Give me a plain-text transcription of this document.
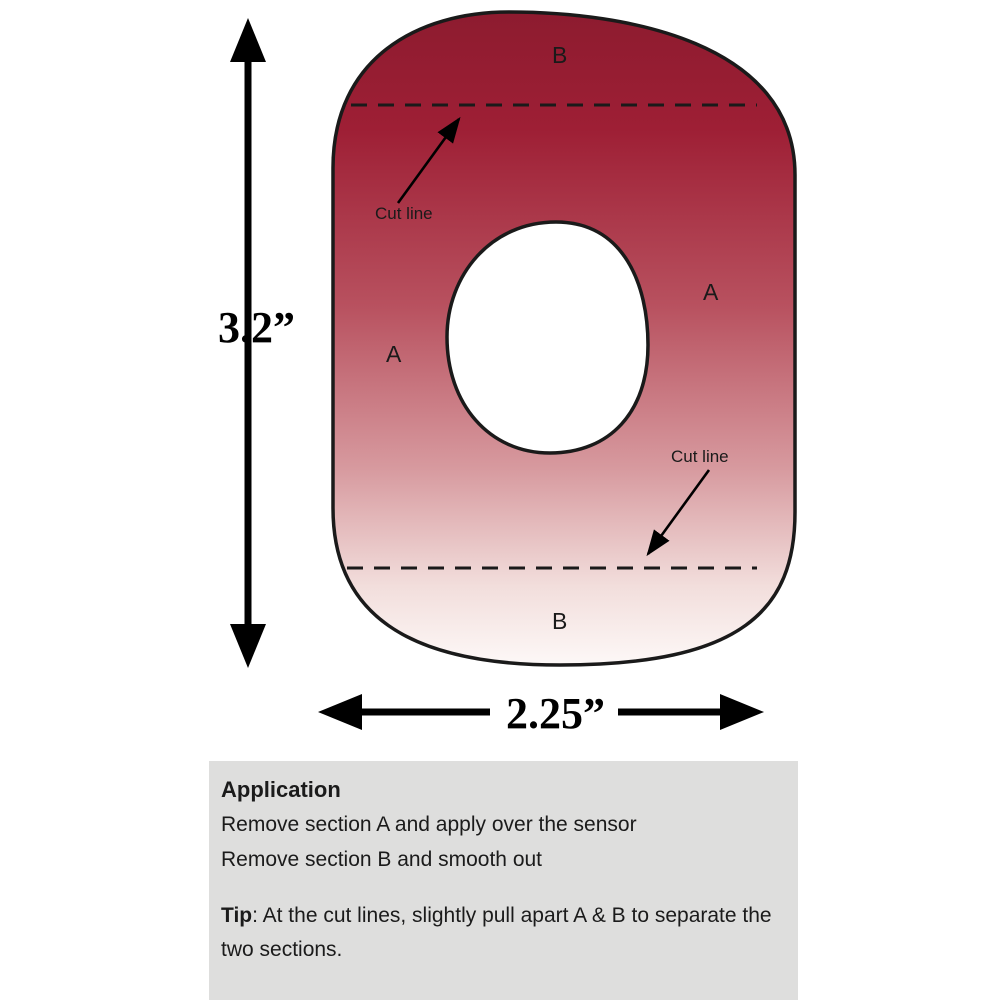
3.2”
2.25”
B
B
A
A
Cut line
Cut line

Application

Remove section A and apply over the sensor

Remove section B and smooth out

Tip: At the cut lines, slightly pull apart A & B to separate the two sections.
